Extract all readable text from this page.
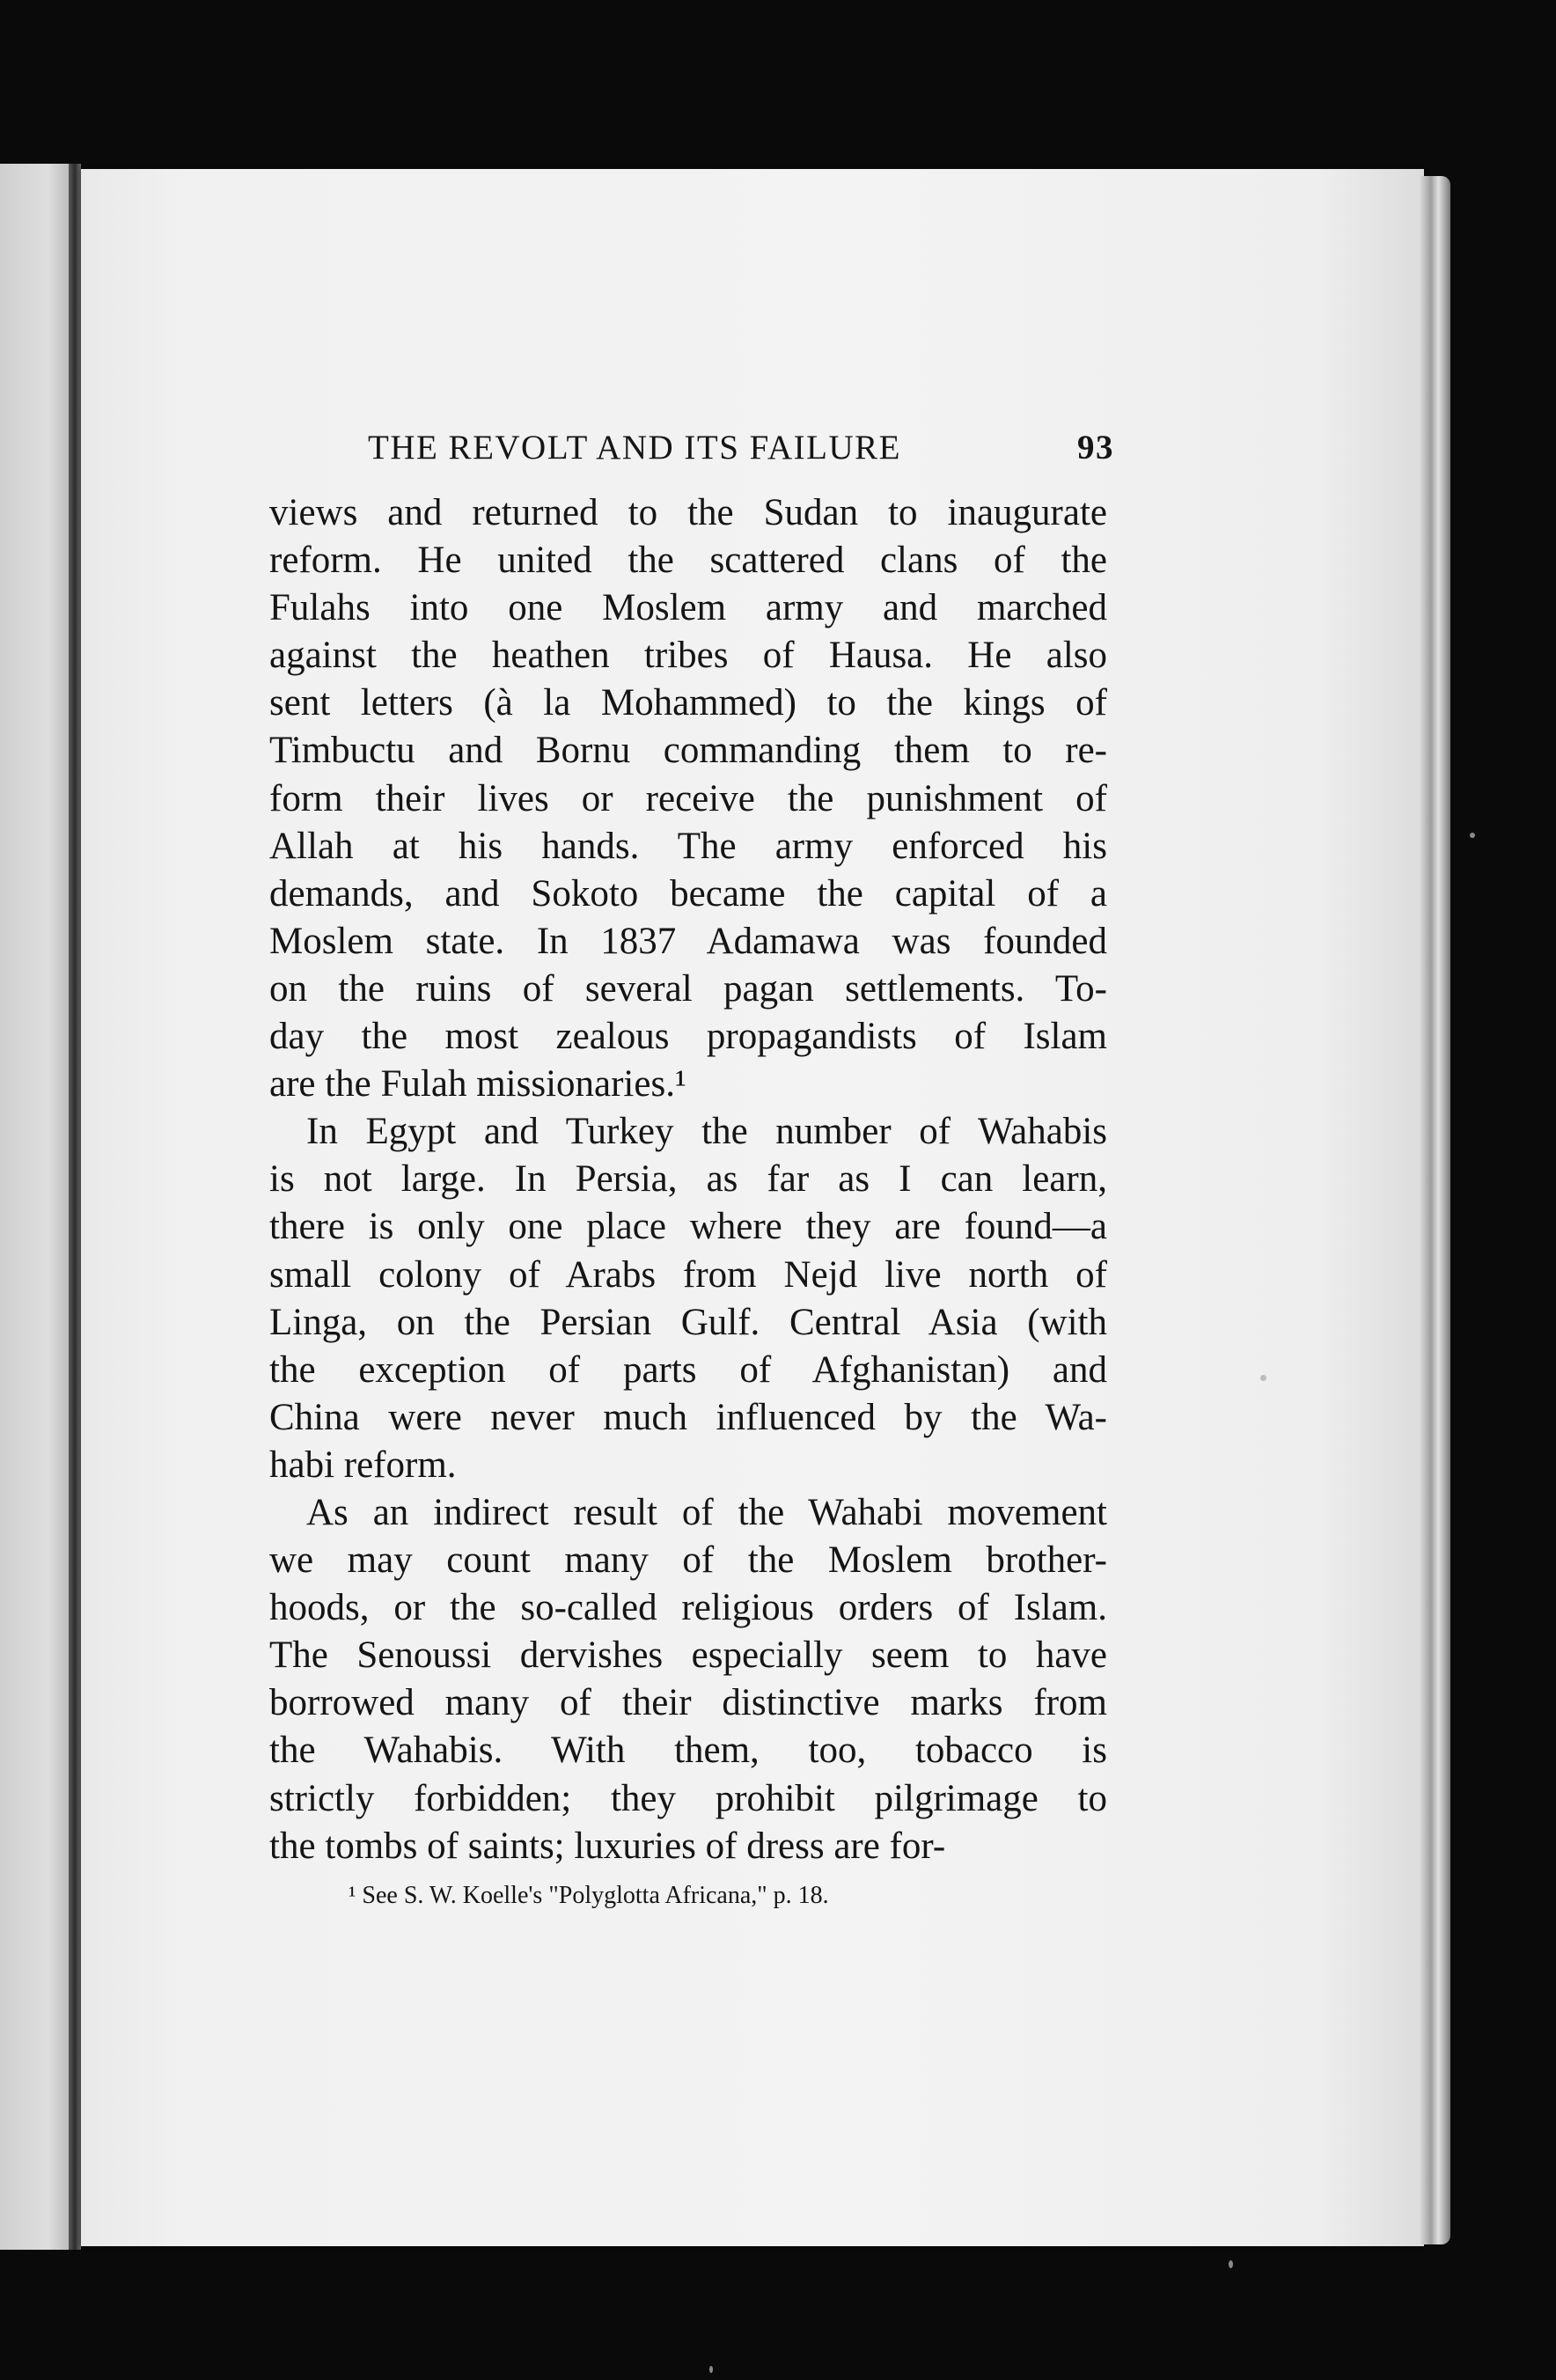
THE REVOLT AND ITS FAILURE	93
views and returned to the Sudan to inaugurate
reform. He united the scattered clans of the
Fulahs into one Moslem army and marched
against the heathen tribes of Hausa. He also
sent letters (à la Mohammed) to the kings of
Timbuctu and Bornu commanding them to re-
form their lives or receive the punishment of
Allah at his hands. The army enforced his
demands, and Sokoto became the capital of a
Moslem state. In 1837 Adamawa was founded
on the ruins of several pagan settlements. To-
day the most zealous propagandists of Islam
are the Fulah missionaries.¹
In Egypt and Turkey the number of Wahabis
is not large. In Persia, as far as I can learn,
there is only one place where they are found—a
small colony of Arabs from Nejd live north of
Linga, on the Persian Gulf. Central Asia (with
the exception of parts of Afghanistan) and
China were never much influenced by the Wa-
habi reform.
As an indirect result of the Wahabi movement
we may count many of the Moslem brother-
hoods, or the so-called religious orders of Islam.
The Senoussi dervishes especially seem to have
borrowed many of their distinctive marks from
the Wahabis. With them, too, tobacco is
strictly forbidden; they prohibit pilgrimage to
the tombs of saints; luxuries of dress are for-
¹ See S. W. Koelle's "Polyglotta Africana," p. 18.
